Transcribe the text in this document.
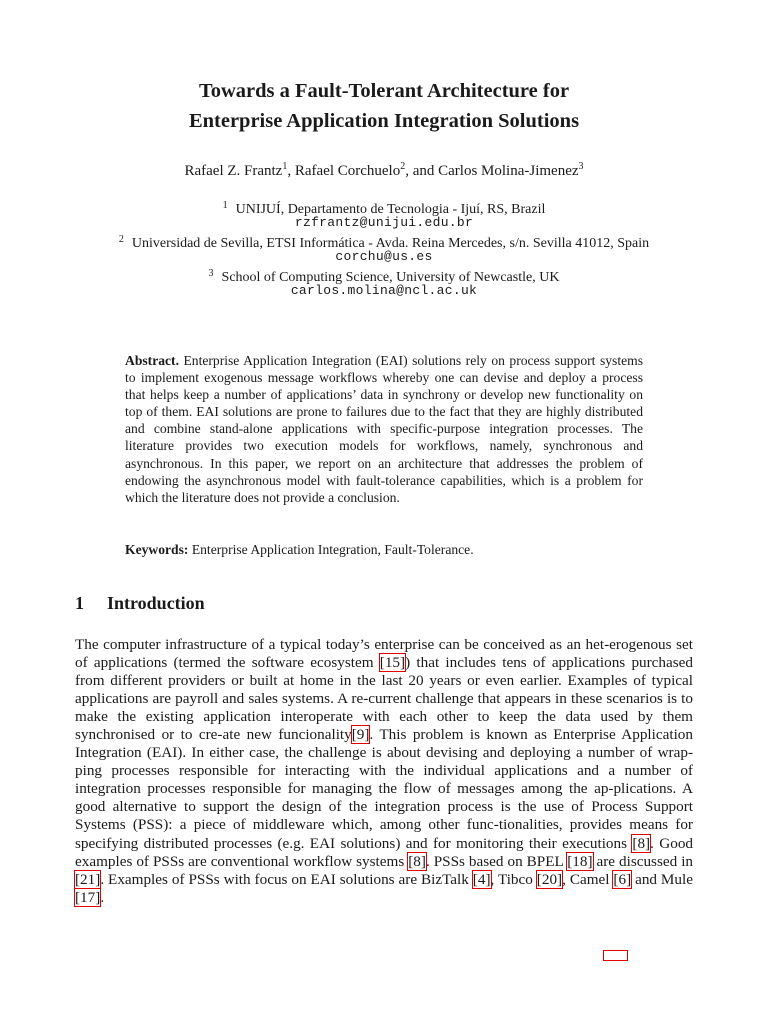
Towards a Fault-Tolerant Architecture for
Enterprise Application Integration Solutions
Rafael Z. Frantz$^1$, Rafael Corchuelo$^2$, and Carlos Molina-Jimenez$^3$
$^1$ UNIJUÍ, Departamento de Tecnologia - Ijuí, RS, Brazil
rzfrantz@unijui.edu.br
$^2$ Universidad de Sevilla, ETSI Informática - Avda. Reina Mercedes, s/n. Sevilla 41012, Spain
corchu@us.es
$^3$ School of Computing Science, University of Newcastle, UK
carlos.molina@ncl.ac.uk
Abstract. Enterprise Application Integration (EAI) solutions rely on process support systems to implement exogenous message workflows whereby one can devise and deploy a process that helps keep a number of applications’ data in synchrony or develop new functionality on top of them. EAI solutions are prone to failures due to the fact that they are highly distributed and combine stand-alone applications with specific-purpose integration processes. The literature provides two execution models for workflows, namely, synchronous and asynchronous. In this paper, we report on an architecture that addresses the problem of endowing the asynchronous model with fault-tolerance capabilities, which is a problem for which the literature does not provide a conclusion.
Keywords: Enterprise Application Integration, Fault-Tolerance.
1 Introduction
The computer infrastructure of a typical today’s enterprise can be conceived as an het-erogenous set of applications (termed the software ecosystem [15]) that includes tens of applications purchased from different providers or built at home in the last 20 years or even earlier. Examples of typical applications are payroll and sales systems. A re-current challenge that appears in these scenarios is to make the existing application interoperate with each other to keep the data used by them synchronised or to cre-ate new funcionality[9]. This problem is known as Enterprise Application Integration (EAI). In either case, the challenge is about devising and deploying a number of wrap-ping processes responsible for interacting with the individual applications and a number of integration processes responsible for managing the flow of messages among the ap-plications. A good alternative to support the design of the integration process is the use of Process Support Systems (PSS): a piece of middleware which, among other func-tionalities, provides means for specifying distributed processes (e.g. EAI solutions) and for monitoring their executions [8]. Good examples of PSSs are conventional workflow systems [8]. PSSs based on BPEL [18] are discussed in [21]. Examples of PSSs with focus on EAI solutions are BizTalk [4], Tibco [20], Camel [6] and Mule [17].
